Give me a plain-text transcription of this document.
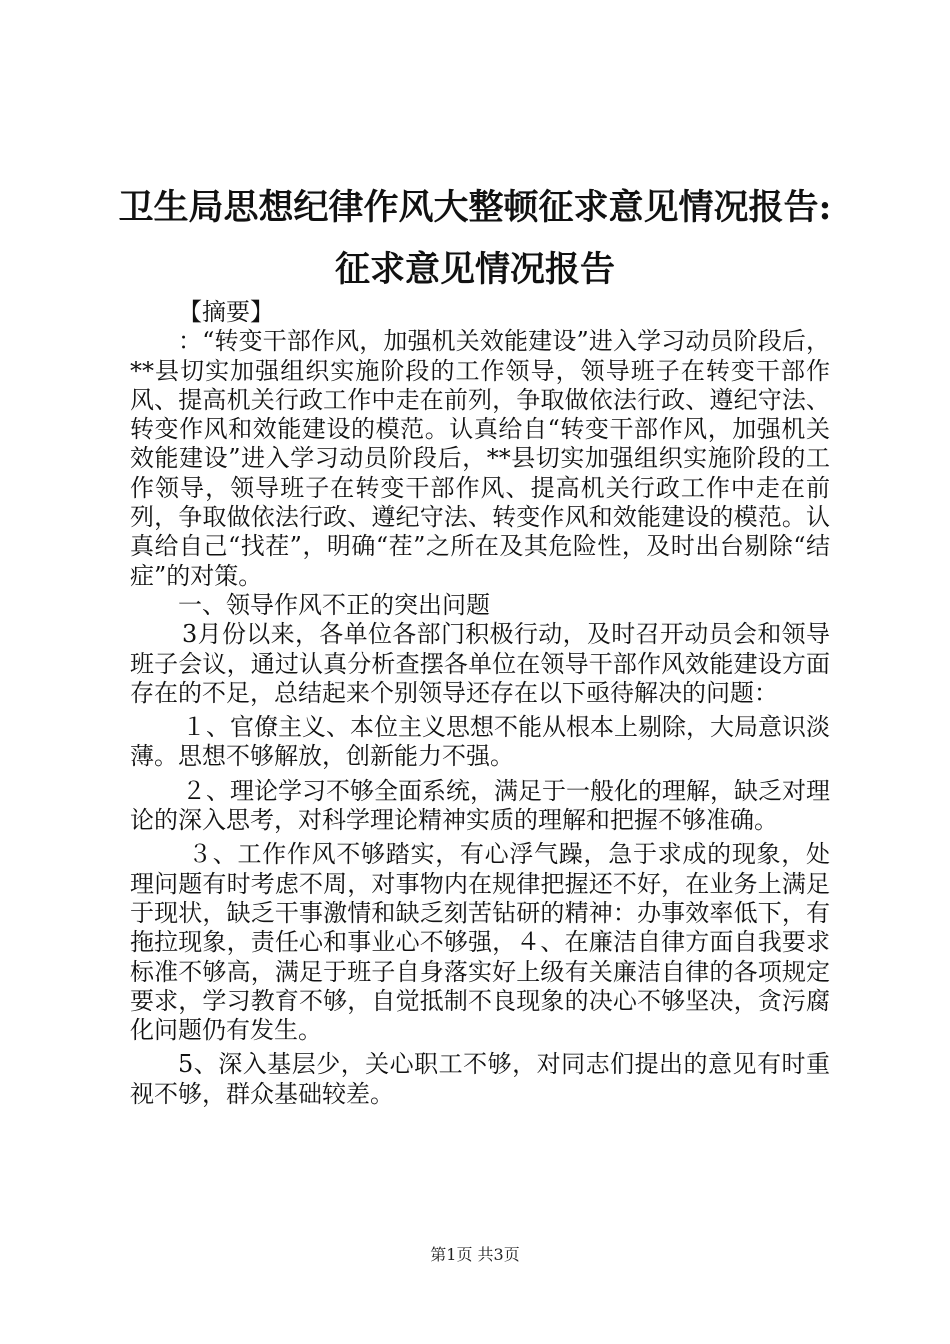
卫生局思想纪律作风大整顿征求意见情况报告:
征求意见情况报告

【摘要】

：“转变干部作风，加强机关效能建设”进入学习动员阶段后，**县切实加强组织实施阶段的工作领导，领导班子在转变干部作风、提高机关行政工作中走在前列，争取做依法行政、遵纪守法、转变作风和效能建设的模范。认真给自“转变干部作风，加强机关效能建设”进入学习动员阶段后，**县切实加强组织实施阶段的工作领导，领导班子在转变干部作风、提高机关行政工作中走在前列，争取做依法行政、遵纪守法、转变作风和效能建设的模范。认真给自己“找茬”，明确“茬”之所在及其危险性，及时出台剔除“结症”的对策。

一、领导作风不正的突出问题

3月份以来，各单位各部门积极行动，及时召开动员会和领导班子会议，通过认真分析查摆各单位在领导干部作风效能建设方面存在的不足，总结起来个别领导还存在以下亟待解决的问题：

１、官僚主义、本位主义思想不能从根本上剔除，大局意识淡薄。思想不够解放，创新能力不强。

２、理论学习不够全面系统，满足于一般化的理解，缺乏对理论的深入思考，对科学理论精神实质的理解和把握不够准确。

３、工作作风不够踏实，有心浮气躁，急于求成的现象，处理问题有时考虑不周，对事物内在规律把握还不好，在业务上满足于现状，缺乏干事激情和缺乏刻苦钻研的精神：办事效率低下，有拖拉现象，责任心和事业心不够强，４、在廉洁自律方面自我要求标准不够高，满足于班子自身落实好上级有关廉洁自律的各项规定要求，学习教育不够，自觉抵制不良现象的决心不够坚决，贪污腐化问题仍有发生。

5、深入基层少，关心职工不够，对同志们提出的意见有时重视不够，群众基础较差。

第1页 共3页
